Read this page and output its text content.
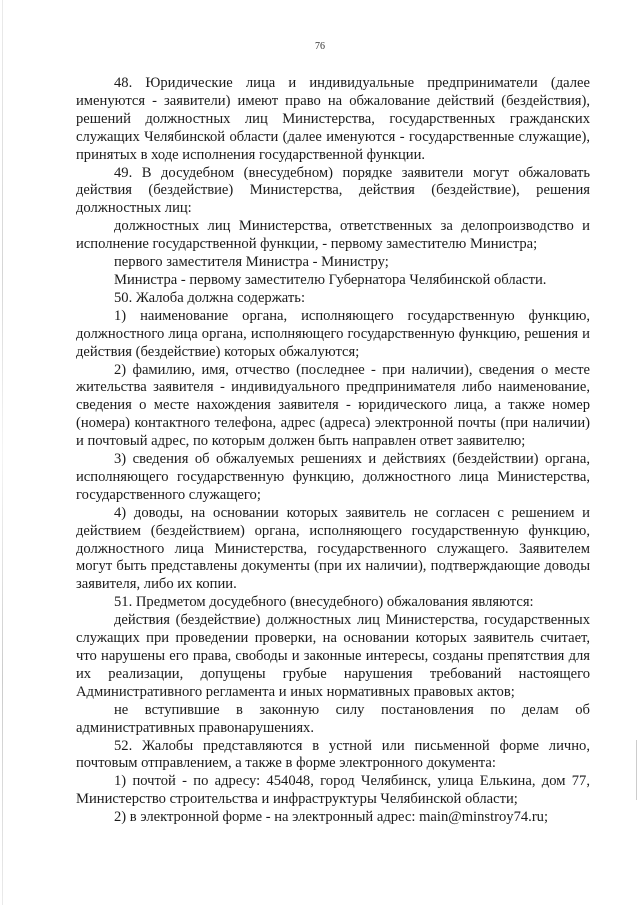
76

48. Юридические лица и индивидуальные предприниматели (далее именуются - заявители) имеют право на обжалование действий (бездействия), решений должностных лиц Министерства, государственных гражданских служащих Челябинской области (далее именуются - государственные служащие), принятых в ходе исполнения государственной функции.

49. В досудебном (внесудебном) порядке заявители могут обжаловать действия (бездействие) Министерства, действия (бездействие), решения должностных лиц:

должностных лиц Министерства, ответственных за делопроизводство и исполнение государственной функции, - первому заместителю Министра;

первого заместителя Министра - Министру;

Министра - первому заместителю Губернатора Челябинской области.

50. Жалоба должна содержать:

1) наименование органа, исполняющего государственную функцию, должностного лица органа, исполняющего государственную функцию, решения и действия (бездействие) которых обжалуются;

2) фамилию, имя, отчество (последнее - при наличии), сведения о месте жительства заявителя - индивидуального предпринимателя либо наименование, сведения о месте нахождения заявителя - юридического лица, а также номер (номера) контактного телефона, адрес (адреса) электронной почты (при наличии) и почтовый адрес, по которым должен быть направлен ответ заявителю;

3) сведения об обжалуемых решениях и действиях (бездействии) органа, исполняющего государственную функцию, должностного лица Министерства, государственного служащего;

4) доводы, на основании которых заявитель не согласен с решением и действием (бездействием) органа, исполняющего государственную функцию, должностного лица Министерства, государственного служащего. Заявителем могут быть представлены документы (при их наличии), подтверждающие доводы заявителя, либо их копии.

51. Предметом досудебного (внесудебного) обжалования являются:

действия (бездействие) должностных лиц Министерства, государственных служащих при проведении проверки, на основании которых заявитель считает, что нарушены его права, свободы и законные интересы, созданы препятствия для их реализации, допущены грубые нарушения требований настоящего Административного регламента и иных нормативных правовых актов;

не вступившие в законную силу постановления по делам об административных правонарушениях.

52. Жалобы представляются в устной или письменной форме лично, почтовым отправлением, а также в форме электронного документа:

1) почтой - по адресу: 454048, город Челябинск, улица Елькина, дом 77, Министерство строительства и инфраструктуры Челябинской области;

2) в электронной форме - на электронный адрес: main@minstroy74.ru;
